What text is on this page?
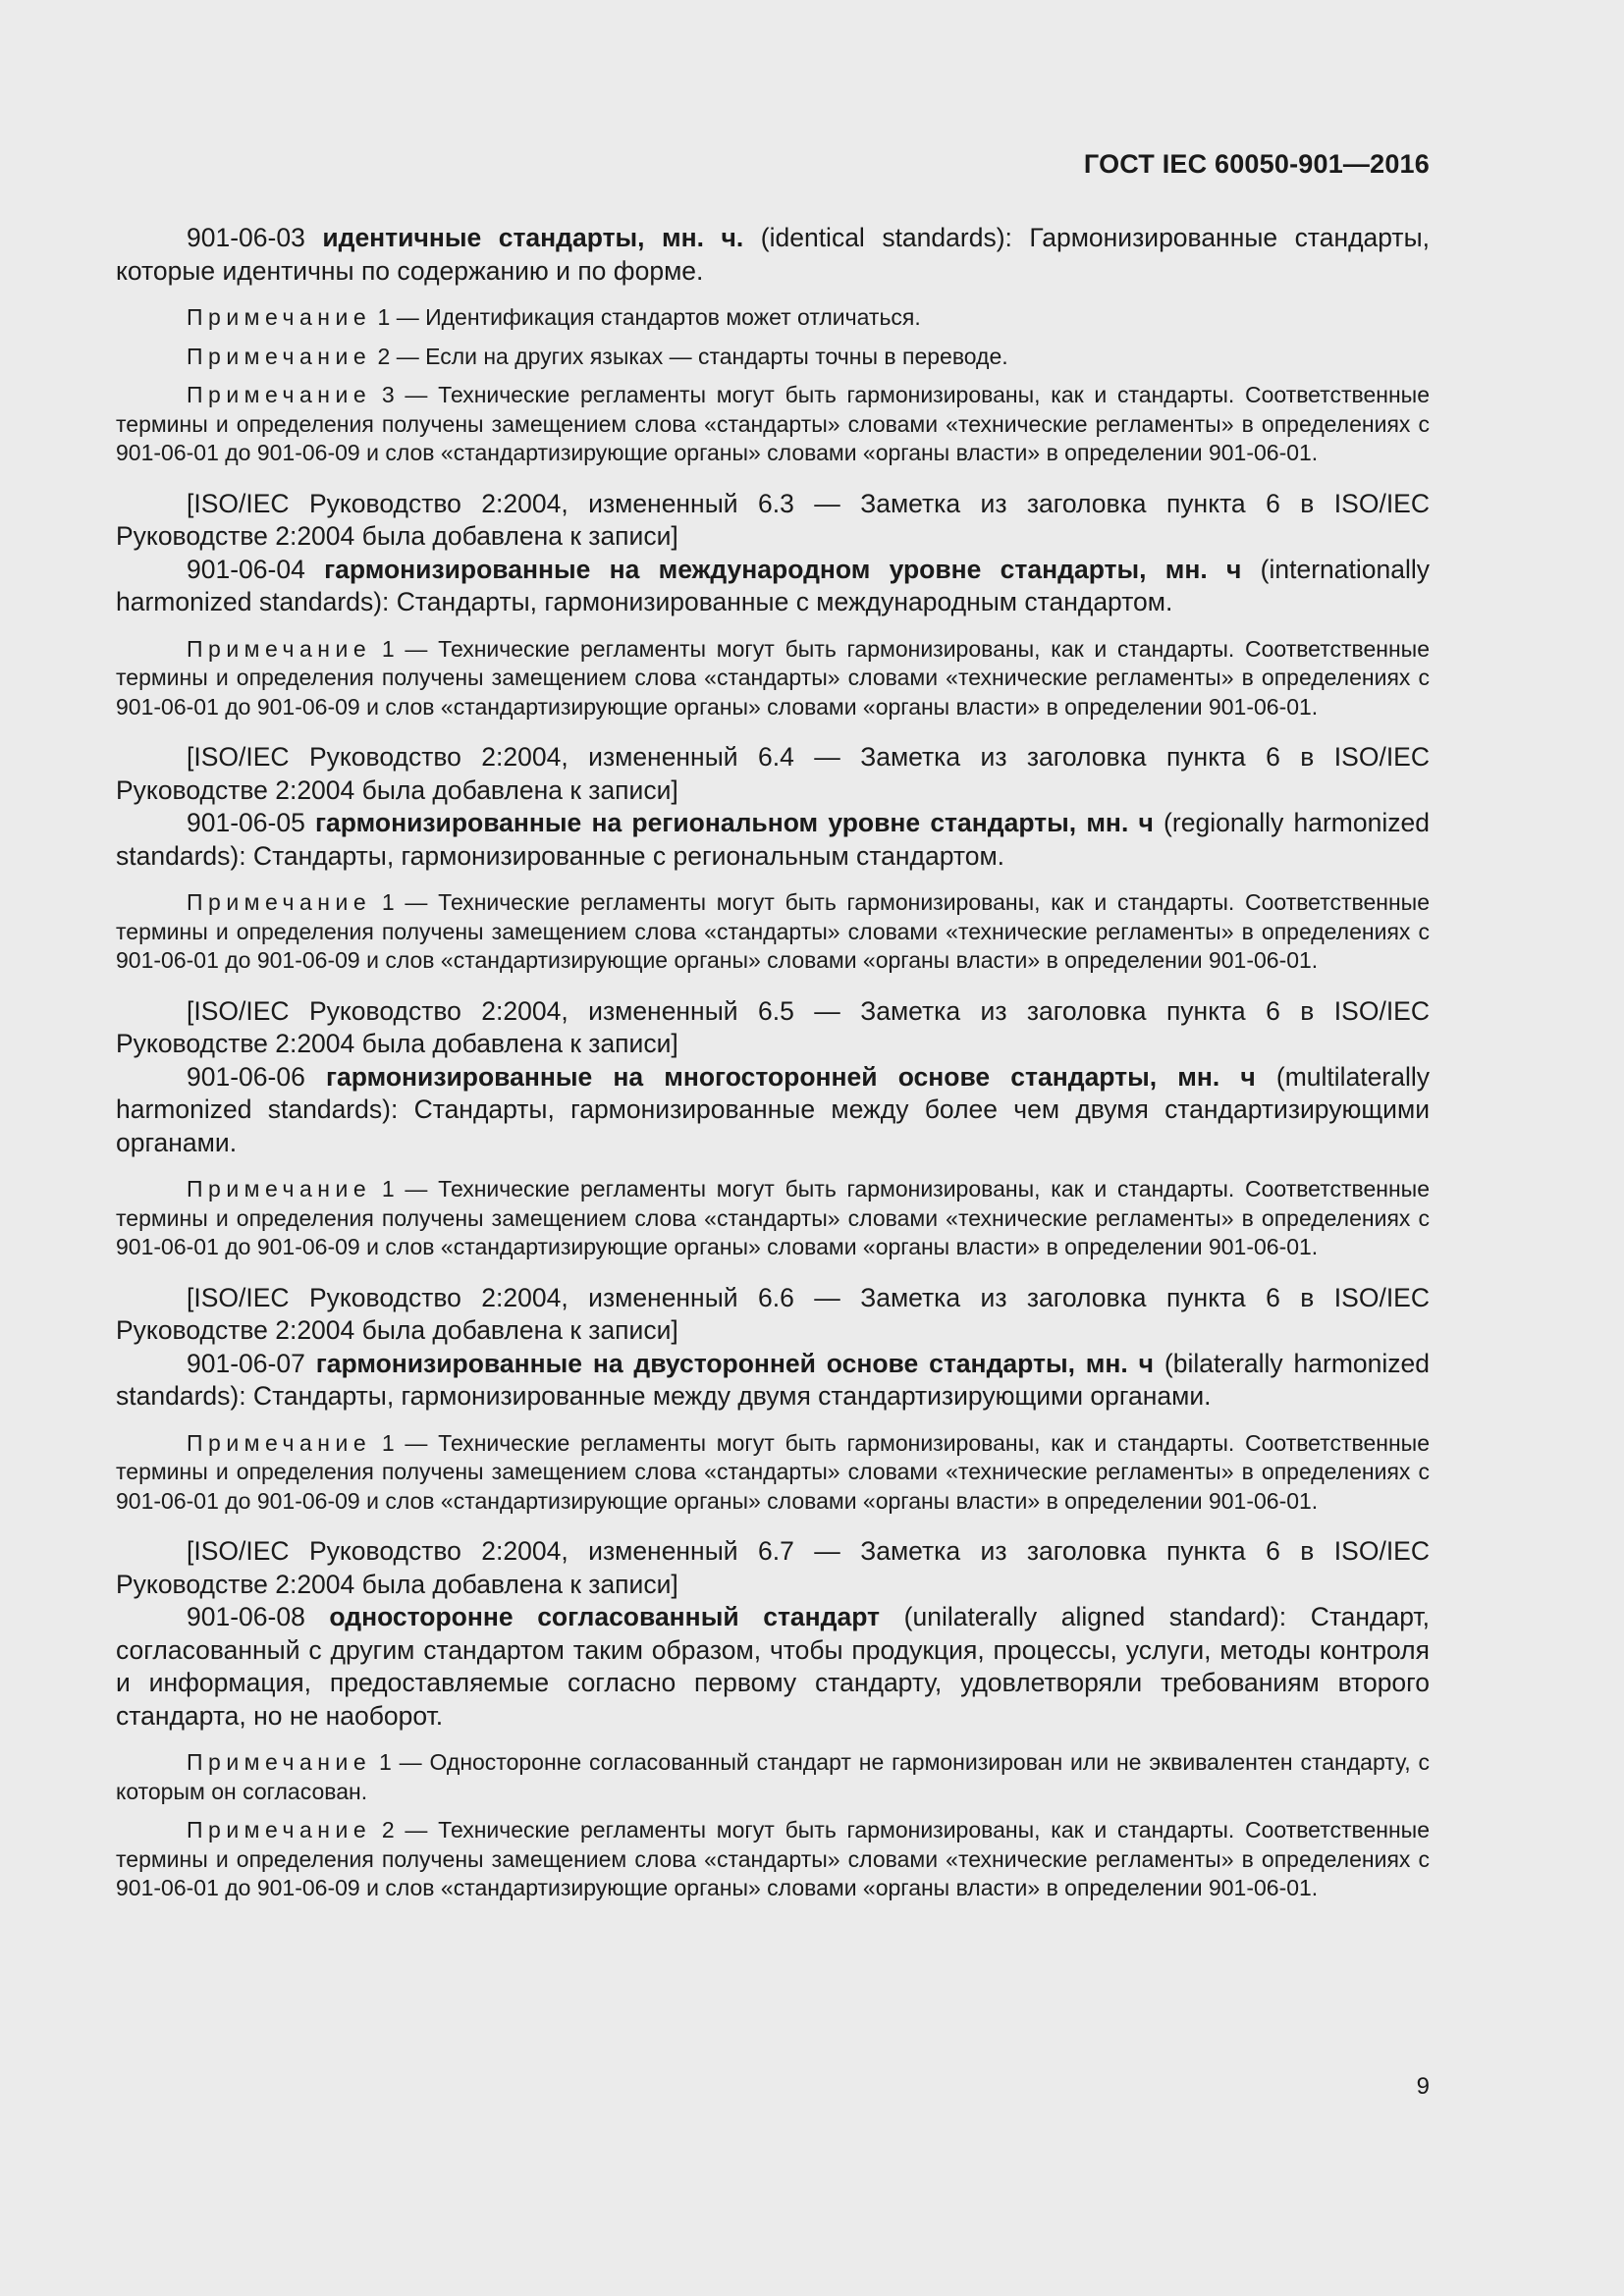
ГОСТ IEC 60050-901—2016

901-06-03 идентичные стандарты, мн. ч. (identical standards): Гармонизированные стандарты, которые идентичны по содержанию и по форме.

Примечание 1 — Идентификация стандартов может отличаться.

Примечание 2 — Если на других языках — стандарты точны в переводе.

Примечание 3 — Технические регламенты могут быть гармонизированы, как и стандарты. Соответственные термины и определения получены замещением слова «стандарты» словами «технические регламенты» в определениях с 901-06-01 до 901-06-09 и слов «стандартизирующие органы» словами «органы власти» в определении 901-06-01.

[ISO/IEC Руководство 2:2004, измененный 6.3 — Заметка из заголовка пункта 6 в ISO/IEC Руководстве 2:2004 была добавлена к записи]

901-06-04 гармонизированные на международном уровне стандарты, мн. ч (internationally harmonized standards): Стандарты, гармонизированные с международным стандартом.

Примечание 1 — Технические регламенты могут быть гармонизированы, как и стандарты. Соответственные термины и определения получены замещением слова «стандарты» словами «технические регламенты» в определениях с 901-06-01 до 901-06-09 и слов «стандартизирующие органы» словами «органы власти» в определении 901-06-01.

[ISO/IEC Руководство 2:2004, измененный 6.4 — Заметка из заголовка пункта 6 в ISO/IEC Руководстве 2:2004 была добавлена к записи]

901-06-05 гармонизированные на региональном уровне стандарты, мн. ч (regionally harmonized standards): Стандарты, гармонизированные с региональным стандартом.

Примечание 1 — Технические регламенты могут быть гармонизированы, как и стандарты. Соответственные термины и определения получены замещением слова «стандарты» словами «технические регламенты» в определениях с 901-06-01 до 901-06-09 и слов «стандартизирующие органы» словами «органы власти» в определении 901-06-01.

[ISO/IEC Руководство 2:2004, измененный 6.5 — Заметка из заголовка пункта 6 в ISO/IEC Руководстве 2:2004 была добавлена к записи]

901-06-06 гармонизированные на многосторонней основе стандарты, мн. ч (multilaterally harmonized standards): Стандарты, гармонизированные между более чем двумя стандартизирующими органами.

Примечание 1 — Технические регламенты могут быть гармонизированы, как и стандарты. Соответственные термины и определения получены замещением слова «стандарты» словами «технические регламенты» в определениях с 901-06-01 до 901-06-09 и слов «стандартизирующие органы» словами «органы власти» в определении 901-06-01.

[ISO/IEC Руководство 2:2004, измененный 6.6 — Заметка из заголовка пункта 6 в ISO/IEC Руководстве 2:2004 была добавлена к записи]

901-06-07 гармонизированные на двусторонней основе стандарты, мн. ч (bilaterally harmonized standards): Стандарты, гармонизированные между двумя стандартизирующими органами.

Примечание 1 — Технические регламенты могут быть гармонизированы, как и стандарты. Соответственные термины и определения получены замещением слова «стандарты» словами «технические регламенты» в определениях с 901-06-01 до 901-06-09 и слов «стандартизирующие органы» словами «органы власти» в определении 901-06-01.

[ISO/IEC Руководство 2:2004, измененный 6.7 — Заметка из заголовка пункта 6 в ISO/IEC Руководстве 2:2004 была добавлена к записи]

901-06-08 односторонне согласованный стандарт (unilaterally aligned standard): Стандарт, согласованный с другим стандартом таким образом, чтобы продукция, процессы, услуги, методы контроля и информация, предоставляемые согласно первому стандарту, удовлетворяли требованиям второго стандарта, но не наоборот.

Примечание 1 — Односторонне согласованный стандарт не гармонизирован или не эквивалентен стандарту, с которым он согласован.

Примечание 2 — Технические регламенты могут быть гармонизированы, как и стандарты. Соответственные термины и определения получены замещением слова «стандарты» словами «технические регламенты» в определениях с 901-06-01 до 901-06-09 и слов «стандартизирующие органы» словами «органы власти» в определении 901-06-01.

9
